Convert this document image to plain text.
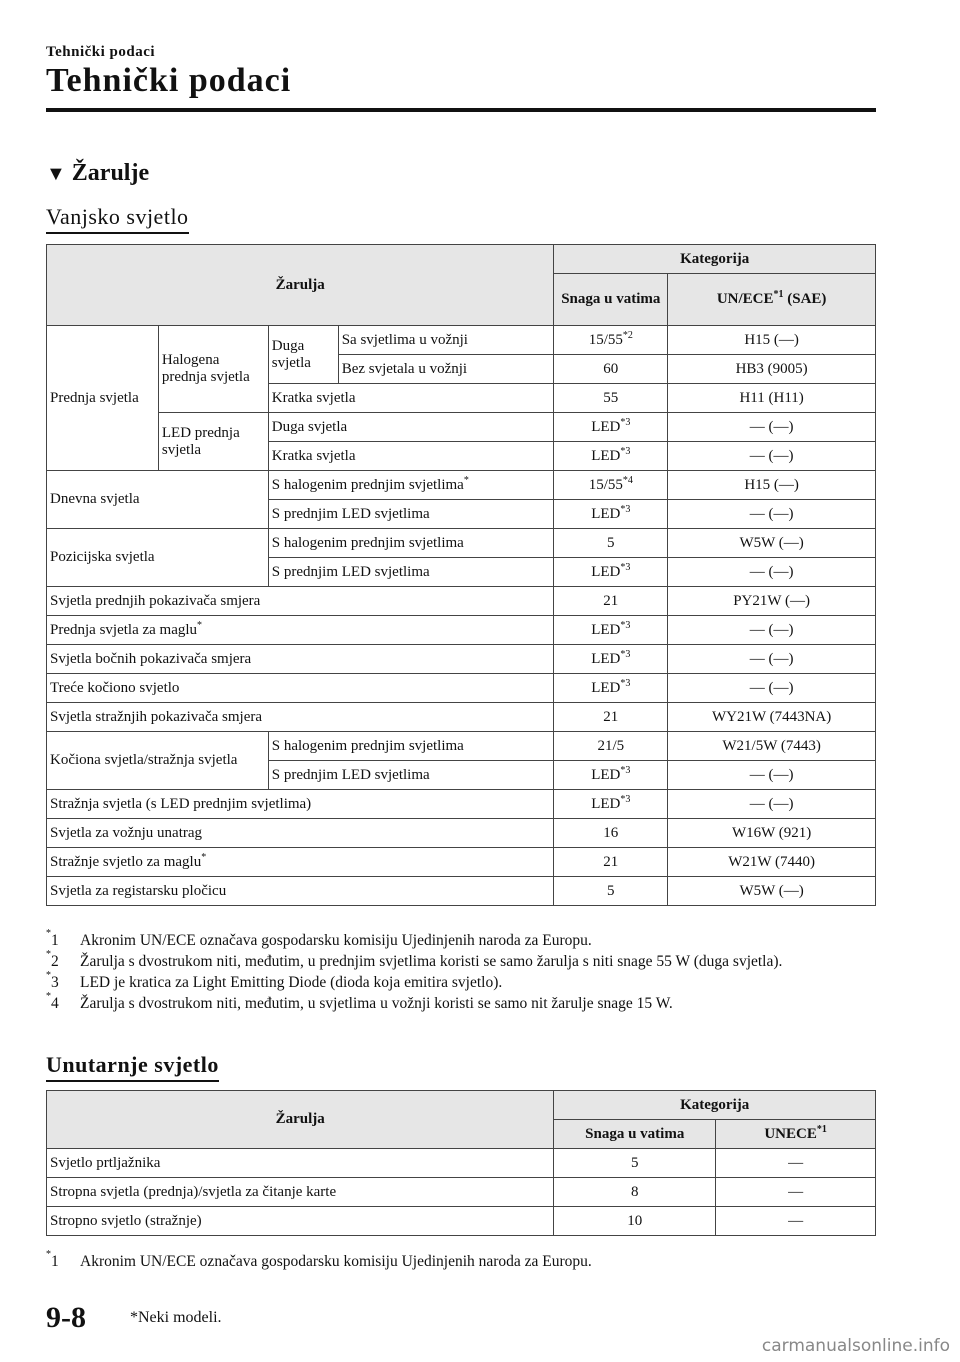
Tehnički podaci
Tehnički podaci
▼ Žarulje
Vanjsko svjetlo
Žarulja				Kategorija	
				Snaga u vatima	UN/ECE$^{*1}$ (SAE)
Prednja svjetla	Halogena prednja svjetla	Duga svjetla	Sa svjetlima u vožnji	15/55$^{*2}$	H15 (—)
			Bez svjetala u vožnji	60	HB3 (9005)
		Kratka svjetla		55	H11 (H11)
	LED prednja svjetla	Duga svjetla		LED$^{*3}$	— (—)
		Kratka svjetla		LED$^{*3}$	— (—)
Dnevna svjetla		S halogenim prednjim svjetlima*		15/55$^{*4}$	H15 (—)
		S prednjim LED svjetlima		LED$^{*3}$	— (—)
Pozicijska svjetla		S halogenim prednjim svjetlima		5	W5W (—)
		S prednjim LED svjetlima		LED$^{*3}$	— (—)
Svjetla prednjih pokazivača smjera				21	PY21W (—)
Prednja svjetla za maglu*				LED$^{*3}$	— (—)
Svjetla bočnih pokazivača smjera				LED$^{*3}$	— (—)
Treće kočiono svjetlo				LED$^{*3}$	— (—)
Svjetla stražnjih pokazivača smjera				21	WY21W (7443NA)
Kočiona svjetla/stražnja svjetla		S halogenim prednjim svjetlima		21/5	W21/5W (7443)
		S prednjim LED svjetlima		LED$^{*3}$	— (—)
Stražnja svjetla (s LED prednjim svjetlima)				LED$^{*3}$	— (—)
Svjetla za vožnju unatrag				16	W16W (921)
Stražnje svjetlo za maglu*				21	W21W (7440)
Svjetla za registarsku pločicu				5	W5W (—)
*1 Akronim UN/ECE označava gospodarsku komisiju Ujedinjenih naroda za Europu.
*2 Žarulja s dvostrukom niti, međutim, u prednjim svjetlima koristi se samo žarulja s niti snage 55 W (duga svjetla).
*3 LED je kratica za Light Emitting Diode (dioda koja emitira svjetlo).
*4 Žarulja s dvostrukom niti, međutim, u svjetlima u vožnji koristi se samo nit žarulje snage 15 W.
Unutarnje svjetlo
Žarulja	Kategorija	
	Snaga u vatima	UNECE$^{*1}$
Svjetlo prtljažnika	5	—
Stropna svjetla (prednja)/svjetla za čitanje karte	8	—
Stropno svjetlo (stražnje)	10	—
*1 Akronim UN/ECE označava gospodarsku komisiju Ujedinjenih naroda za Europu.
9-8	*Neki modeli.
carmanualsonline.info
